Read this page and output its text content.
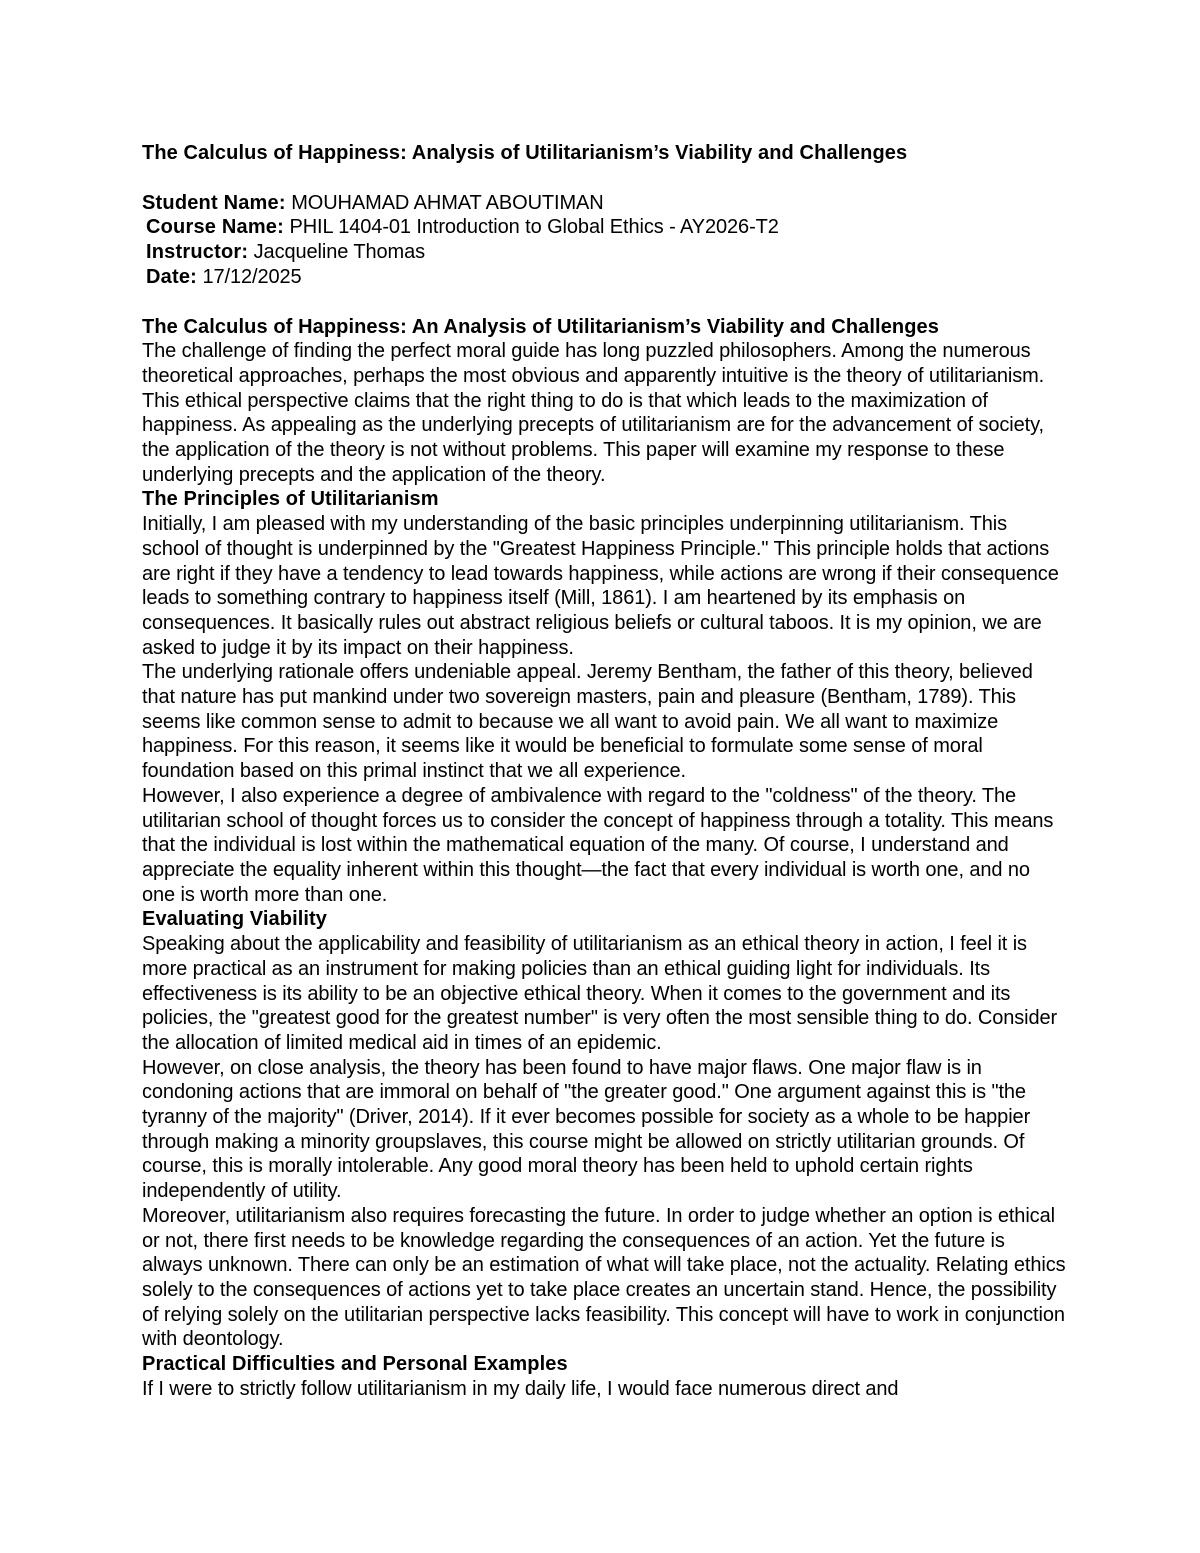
The Calculus of Happiness: Analysis of Utilitarianism’s Viability and Challenges
Student Name: MOUHAMAD AHMAT ABOUTIMAN
Course Name: PHIL 1404-01 Introduction to Global Ethics - AY2026-T2
Instructor: Jacqueline Thomas
Date: 17/12/2025
The Calculus of Happiness: An Analysis of Utilitarianism’s Viability and Challenges

The challenge of finding the perfect moral guide has long puzzled philosophers. Among the numerous theoretical approaches, perhaps the most obvious and apparently intuitive is the theory of utilitarianism. This ethical perspective claims that the right thing to do is that which leads to the maximization of happiness. As appealing as the underlying precepts of utilitarianism are for the advancement of society, the application of the theory is not without problems. This paper will examine my response to these underlying precepts and the application of the theory.

The Principles of Utilitarianism

Initially, I am pleased with my understanding of the basic principles underpinning utilitarianism. This school of thought is underpinned by the "Greatest Happiness Principle." This principle holds that actions are right if they have a tendency to lead towards happiness, while actions are wrong if their consequence leads to something contrary to happiness itself (Mill, 1861). I am heartened by its emphasis on consequences. It basically rules out abstract religious beliefs or cultural taboos. It is my opinion, we are asked to judge it by its impact on their happiness.

The underlying rationale offers undeniable appeal. Jeremy Bentham, the father of this theory, believed that nature has put mankind under two sovereign masters, pain and pleasure (Bentham, 1789). This seems like common sense to admit to because we all want to avoid pain. We all want to maximize happiness. For this reason, it seems like it would be beneficial to formulate some sense of moral foundation based on this primal instinct that we all experience.

However, I also experience a degree of ambivalence with regard to the "coldness" of the theory. The utilitarian school of thought forces us to consider the concept of happiness through a totality. This means that the individual is lost within the mathematical equation of the many. Of course, I understand and appreciate the equality inherent within this thought—the fact that every individual is worth one, and no one is worth more than one.

Evaluating Viability

Speaking about the applicability and feasibility of utilitarianism as an ethical theory in action, I feel it is more practical as an instrument for making policies than an ethical guiding light for individuals. Its effectiveness is its ability to be an objective ethical theory. When it comes to the government and its policies, the "greatest good for the greatest number" is very often the most sensible thing to do. Consider the allocation of limited medical aid in times of an epidemic.

However, on close analysis, the theory has been found to have major flaws. One major flaw is in condoning actions that are immoral on behalf of "the greater good." One argument against this is "the tyranny of the majority" (Driver, 2014). If it ever becomes possible for society as a whole to be happier through making a minority groupslaves, this course might be allowed on strictly utilitarian grounds. Of course, this is morally intolerable. Any good moral theory has been held to uphold certain rights independently of utility.

Moreover, utilitarianism also requires forecasting the future. In order to judge whether an option is ethical or not, there first needs to be knowledge regarding the consequences of an action. Yet the future is always unknown. There can only be an estimation of what will take place, not the actuality. Relating ethics solely to the consequences of actions yet to take place creates an uncertain stand. Hence, the possibility of relying solely on the utilitarian perspective lacks feasibility. This concept will have to work in conjunction with deontology.

Practical Difficulties and Personal Examples

If I were to strictly follow utilitarianism in my daily life, I would face numerous direct and
